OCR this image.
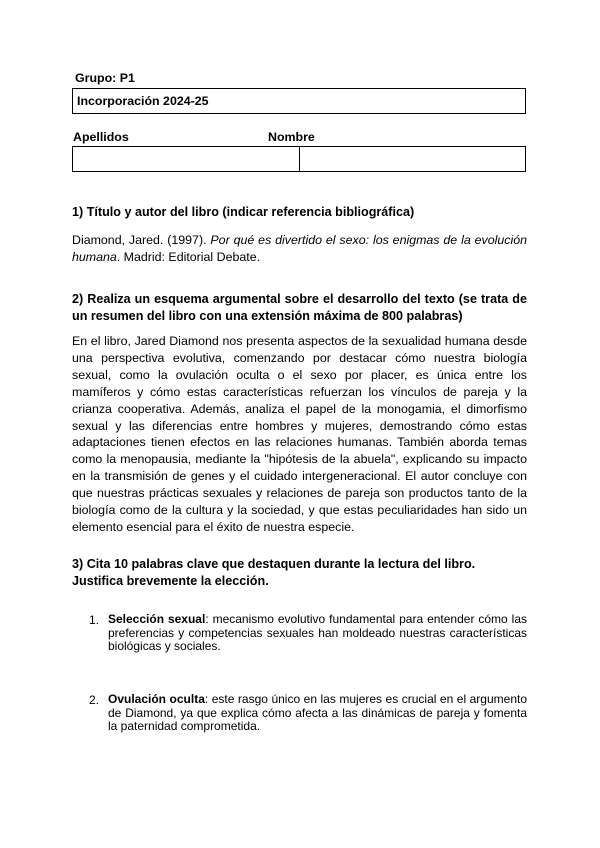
Grupo: P1
Incorporación 2024-25
Apellidos	Nombre
1) Título y autor del libro (indicar referencia bibliográfica)
Diamond, Jared. (1997). Por qué es divertido el sexo: los enigmas de la evolución humana. Madrid: Editorial Debate.
2) Realiza un esquema argumental sobre el desarrollo del texto (se trata de un resumen del libro con una extensión máxima de 800 palabras)
En el libro, Jared Diamond nos presenta aspectos de la sexualidad humana desde una perspectiva evolutiva, comenzando por destacar cómo nuestra biología sexual, como la ovulación oculta o el sexo por placer, es única entre los mamíferos y cómo estas características refuerzan los vínculos de pareja y la crianza cooperativa. Además, analiza el papel de la monogamia, el dimorfismo sexual y las diferencias entre hombres y mujeres, demostrando cómo estas adaptaciones tienen efectos en las relaciones humanas. También aborda temas como la menopausia, mediante la "hipótesis de la abuela", explicando su impacto en la transmisión de genes y el cuidado intergeneracional. El autor concluye con que nuestras prácticas sexuales y relaciones de pareja son productos tanto de la biología como de la cultura y la sociedad, y que estas peculiaridades han sido un elemento esencial para el éxito de nuestra especie.
3) Cita 10 palabras clave que destaquen durante la lectura del libro. Justifica brevemente la elección.
1. Selección sexual: mecanismo evolutivo fundamental para entender cómo las preferencias y competencias sexuales han moldeado nuestras características biológicas y sociales.
2. Ovulación oculta: este rasgo único en las mujeres es crucial en el argumento de Diamond, ya que explica cómo afecta a las dinámicas de pareja y fomenta la paternidad comprometida.
